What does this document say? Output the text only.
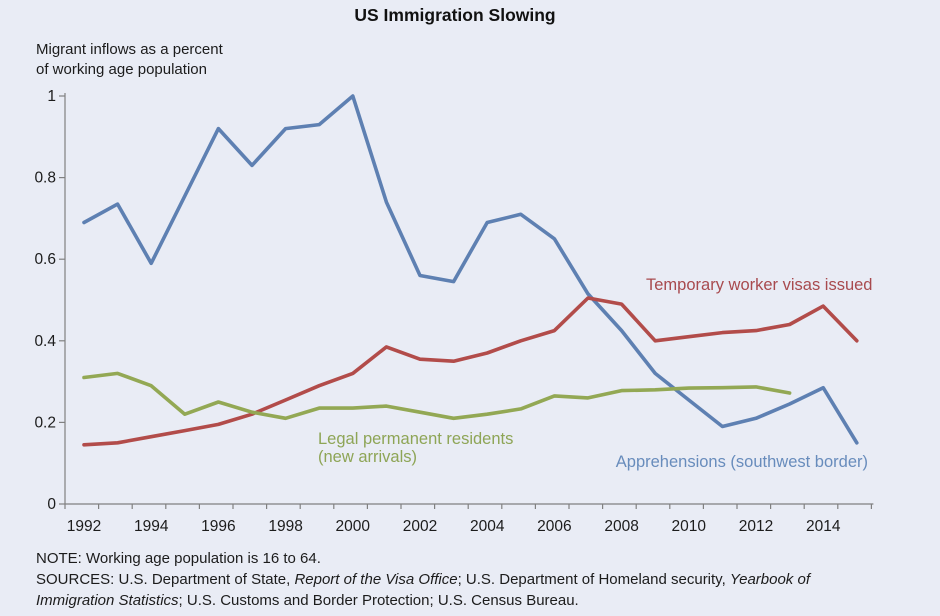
US Immigration Slowing
Migrant inflows as a percent
of working age population
0
0.2
0.4
0.6
0.8
1
1992 1994 1996 1998 2000 2002 2004 2006 2008 2010 2012 2014
Temporary worker visas issued
Legal permanent residents
(new arrivals)	Apprehensions (southwest border)
NOTE: Working age population is 16 to 64.
SOURCES: U.S. Department of State, Report of the Visa Office; U.S. Department of Homeland security, Yearbook of
Immigration Statistics; U.S. Customs and Border Protection; U.S. Census Bureau.
